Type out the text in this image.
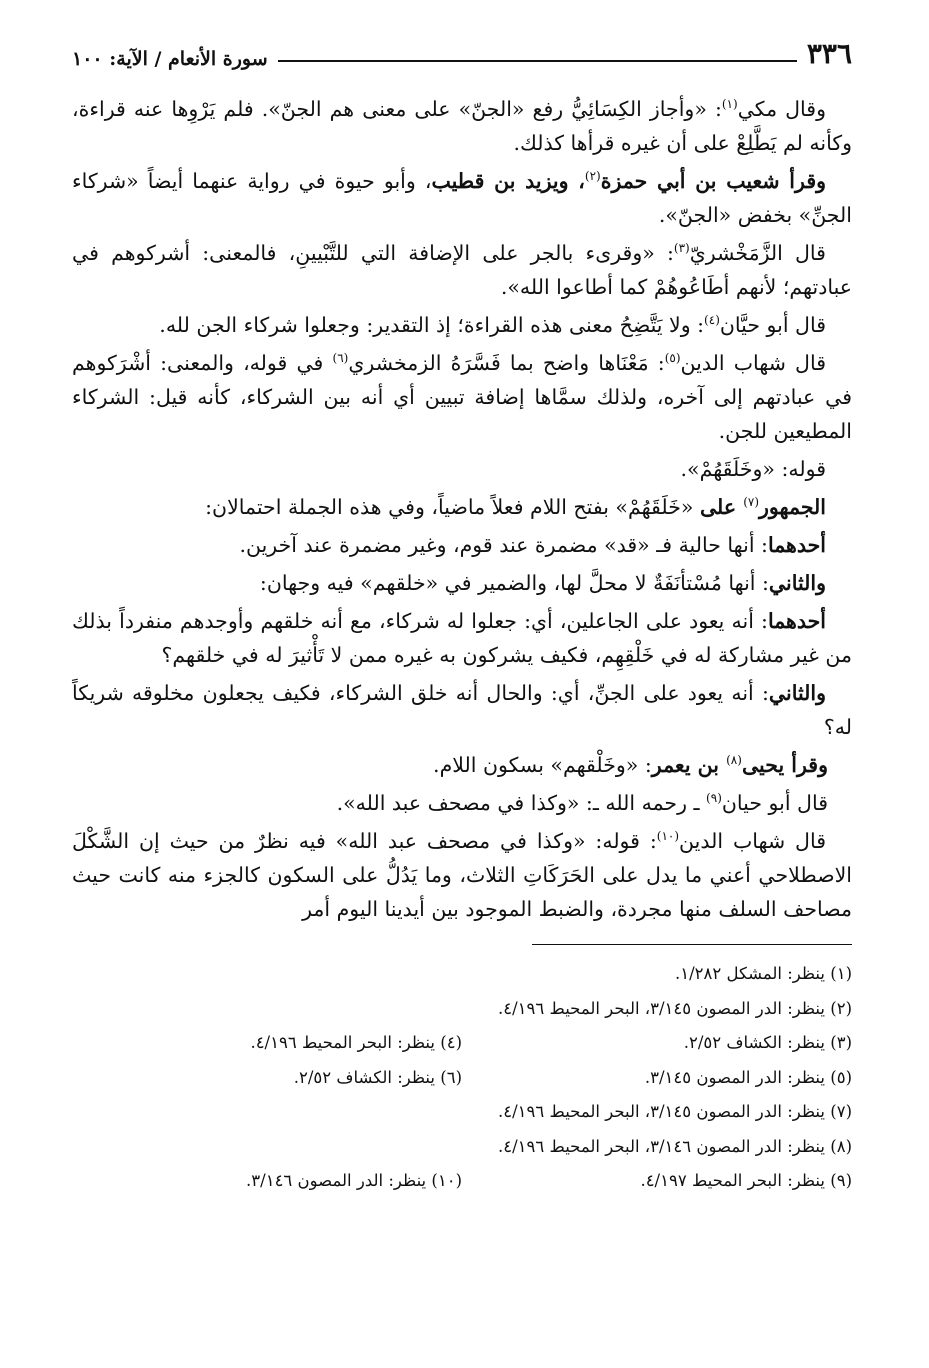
٣٣٦
سورة الأنعام / الآية: ١٠٠

وقال مكي$^{(١)}$: «وأجاز الكِسَائِيُّ رفع «الجنّ» على معنى هم الجنّ». فلم يَرْوِها عنه قراءة، وكأنه لم يَطَّلِعْ على أن غيره قرأها كذلك.

وقرأ شعيب بن أبي حمزة$^{(٢)}$، ويزيد بن قطيب، وأبو حيوة في رواية عنهما أيضاً «شركاء الجنِّ» بخفض «الجنّ».

قال الزَّمَخْشريّ$^{(٣)}$: «وقرىء بالجر على الإضافة التي للتَّبْيينِ، فالمعنى: أشركوهم في عبادتهم؛ لأنهم أطَاعُوهُمْ كما أطاعوا الله».

قال أبو حيَّان$^{(٤)}$: ولا يَتَّضِحُ معنى هذه القراءة؛ إذ التقدير: وجعلوا شركاء الجن لله.

قال شهاب الدين$^{(٥)}$: مَعْنَاها واضح بما فَسَّرَهُ الزمخشري$^{(٦)}$ في قوله، والمعنى: أشْرَكوهم في عبادتهم إلى آخره، ولذلك سمَّاها إضافة تبيين أي أنه بين الشركاء، كأنه قيل: الشركاء المطيعين للجن.

قوله: «وخَلَقَهُمْ».

الجمهور$^{(٧)}$ على «خَلَقَهُمْ» بفتح اللام فعلاً ماضياً، وفي هذه الجملة احتمالان:

أحدهما: أنها حالية فـ «قد» مضمرة عند قوم، وغير مضمرة عند آخرين.

والثاني: أنها مُسْتأنَفَةٌ لا محلَّ لها، والضمير في «خلقهم» فيه وجهان:

أحدهما: أنه يعود على الجاعلين، أي: جعلوا له شركاء، مع أنه خلقهم وأوجدهم منفرداً بذلك من غير مشاركة له في خَلْقِهِم، فكيف يشركون به غيره ممن لا تَأْثيرَ له في خلقهم؟

والثاني: أنه يعود على الجنِّ، أي: والحال أنه خلق الشركاء، فكيف يجعلون مخلوقه شريكاً له؟

وقرأ يحيى$^{(٨)}$ بن يعمر: «وخَلْقهم» بسكون اللام.

قال أبو حيان$^{(٩)}$ ـ رحمه الله ـ: «وكذا في مصحف عبد الله».

قال شهاب الدين$^{(١٠)}$: قوله: «وكذا في مصحف عبد الله» فيه نظرٌ من حيث إن الشَّكْلَ الاصطلاحي أعني ما يدل على الحَرَكَاتِ الثلاث، وما يَدُلُّ على السكون كالجزء منه كانت حيث مصاحف السلف منها مجردة، والضبط الموجود بين أيدينا اليوم أمر

(١) ينظر: المشكل ١/٢٨٢.
(٢) ينظر: الدر المصون ٣/١٤٥، البحر المحيط ٤/١٩٦.
(٣) ينظر: الكشاف ٢/٥٢.
(٤) ينظر: البحر المحيط ٤/١٩٦.
(٥) ينظر: الدر المصون ٣/١٤٥.
(٦) ينظر: الكشاف ٢/٥٢.
(٧) ينظر: الدر المصون ٣/١٤٥، البحر المحيط ٤/١٩٦.
(٨) ينظر: الدر المصون ٣/١٤٦، البحر المحيط ٤/١٩٦.
(٩) ينظر: البحر المحيط ٤/١٩٧.
(١٠) ينظر: الدر المصون ٣/١٤٦.
